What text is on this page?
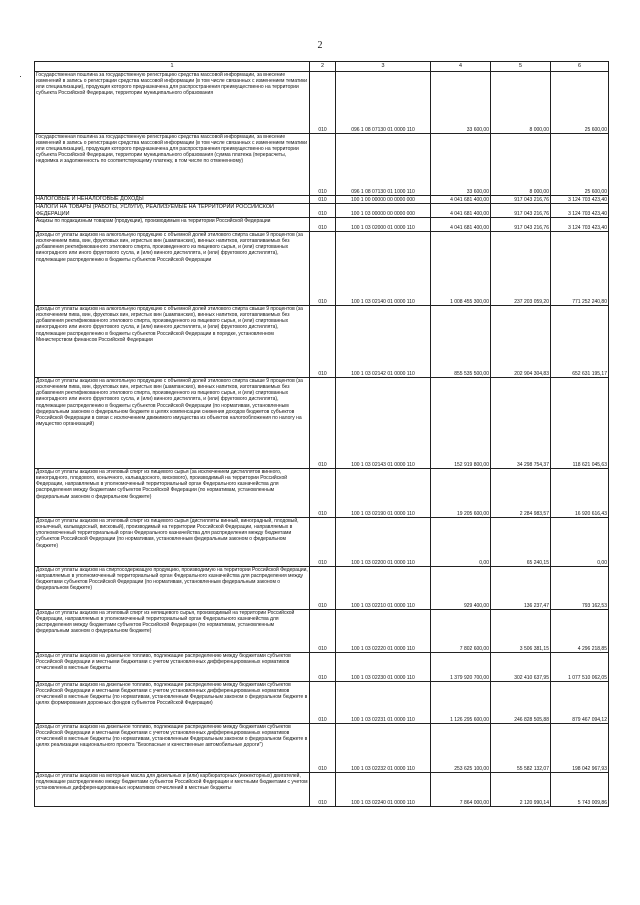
2
1	2	3	4	5	6
Государственная пошлина за государственную регистрацию средства массовой информации, за внесение изменений в запись о регистрации средства массовой информации (в том числе связанных с изменением тематики или специализации), продукция которого предназначена для распространения преимущественно на территории субъекта Российской Федерации, территории муниципального образования	010	096 1 08 07130 01 0000 110	33 600,00	8 000,00	25 600,00
Государственная пошлина за государственную регистрацию средства массовой информации, за внесение изменений в запись о регистрации средства массовой информации (в том числе связанных с изменением тематики или специализации), продукция которого предназначена для распространения преимущественно на территории субъекта Российской Федерации, территории муниципального образования (сумма платежа (перерасчеты, недоимка и задолженность по соответствующему платежу, в том числе по отмененному)	010	096 1 08 07130 01 1000 110	33 600,00	8 000,00	25 600,00
НАЛОГОВЫЕ И НЕНАЛОГОВЫЕ ДОХОДЫ	010	100 1 00 00000 00 0000 000	4 041 681 400,00	917 043 216,76	3 124 703 423,40
НАЛОГИ НА ТОВАРЫ (РАБОТЫ, УСЛУГИ), РЕАЛИЗУЕМЫЕ НА ТЕРРИТОРИИ РОССИЙСКОЙ ФЕДЕРАЦИИ	010	100 1 03 00000 00 0000 000	4 041 681 400,00	917 043 216,76	3 124 703 423,40
Акцизы по подакцизным товарам (продукции), производимым на территории Российской Федерации	010	100 1 03 02000 01 0000 110	4 041 681 400,00	917 043 216,76	3 124 703 423,40
Доходы от уплаты акцизов на алкогольную продукцию с объемной долей этилового спирта свыше 9 процентов (за исключением пива, вин, фруктовых вин, игристых вин (шампанских), винных напитков, изготавливаемых без добавления ректификованного этилового спирта, произведенного из пищевого сырья, и (или) спиртованных виноградного или иного фруктового сусла, и (или) винного дистиллята, и (или) фруктового дистиллята), подлежащие распределению в бюджеты субъектов Российской Федерации	010	100 1 03 02140 01 0000 110	1 008 455 300,00	237 203 059,20	771 252 240,80
Доходы от уплаты акцизов на алкогольную продукцию с объемной долей этилового спирта свыше 9 процентов (за исключением пива, вин, фруктовых вин, игристых вин (шампанских), винных напитков, изготавливаемых без добавления ректификованного этилового спирта, произведенного из пищевого сырья, и (или) спиртованных виноградного или иного фруктового сусла, и (или) винного дистиллята, и (или) фруктового дистиллята), подлежащие распределению в бюджеты субъектов Российской Федерации в порядке, установленном Министерством финансов Российской Федерации	010	100 1 03 02142 01 0000 110	855 535 500,00	202 904 304,83	652 631 195,17
Доходы от уплаты акцизов на алкогольную продукцию с объемной долей этилового спирта свыше 9 процентов (за исключением пива, вин, фруктовых вин, игристых вин (шампанских), винных напитков, изготавливаемых без добавления ректификованного этилового спирта, произведенного из пищевого сырья, и (или) спиртованных виноградного или иного фруктового сусла, и (или) винного дистиллята, и (или) фруктового дистиллята), подлежащие распределению в бюджеты субъектов Российской Федерации (по нормативам, установленным федеральным законом о федеральном бюджете в целях компенсации снижения доходов бюджетов субъектов Российской Федерации в связи с исключением движимого имущества из объектов налогообложения по налогу на имущество организаций)	010	100 1 03 02143 01 0000 110	152 919 800,00	34 298 754,37	118 621 045,63
Доходы от уплаты акцизов на этиловый спирт из пищевого сырья (за исключением дистиллятов винного, виноградного, плодового, коньячного, кальвадосного, вискового), производимый на территории Российской Федерации, направляемых в уполномоченный территориальный орган Федерального казначейства для распределения между бюджетами субъектов Российской Федерации (по нормативам, установленным федеральным законом о федеральном бюджете)	010	100 1 03 02190 01 0000 110	19 205 600,00	2 284 983,57	16 920 616,43
Доходы от уплаты акцизов на этиловый спирт из пищевого сырья (дистилляты винный, виноградный, плодовый, коньячный, кальвадосный, висковый), производимый на территории Российской Федерации, направляемых в уполномоченный территориальный орган Федерального казначейства для распределения между бюджетами субъектов Российской Федерации (по нормативам, установленным федеральным законом о федеральном бюджете)	010	100 1 03 02200 01 0000 110	0,00	65 240,15	0,00
Доходы от уплаты акцизов на спиртосодержащую продукцию, производимую на территории Российской Федерации, направляемых в уполномоченный территориальный орган Федерального казначейства для распределения между бюджетами субъектов Российской Федерации (по нормативам, установленным федеральным законом о федеральном бюджете)	010	100 1 03 02210 01 0000 110	929 400,00	136 237,47	793 162,53
Доходы от уплаты акцизов на этиловый спирт из непищевого сырья, производимый на территории Российской Федерации, направляемых в уполномоченный территориальный орган Федерального казначейства для распределения между бюджетами субъектов Российской Федерации (по нормативам, установленным федеральным законом о федеральном бюджете)	010	100 1 03 02220 01 0000 110	7 802 600,00	3 506 381,15	4 296 218,85
Доходы от уплаты акцизов на дизельное топливо, подлежащие распределению между бюджетами субъектов Российской Федерации и местными бюджетами с учетом установленных дифференцированных нормативов отчислений в местные бюджеты	010	100 1 03 02230 01 0000 110	1 379 920 700,00	302 410 637,95	1 077 510 062,05
Доходы от уплаты акцизов на дизельное топливо, подлежащие распределению между бюджетами субъектов Российской Федерации и местными бюджетами с учетом установленных дифференцированных нормативов отчислений в местные бюджеты (по нормативам, установленным Федеральным законом о федеральном бюджете в целях формирования дорожных фондов субъектов Российской Федерации)	010	100 1 03 02231 01 0000 110	1 126 295 600,00	246 828 505,88	879 467 094,12
Доходы от уплаты акцизов на дизельное топливо, подлежащие распределению между бюджетами субъектов Российской Федерации и местными бюджетами с учетом установленных дифференцированных нормативов отчислений в местные бюджеты (по нормативам, установленным Федеральным законом о федеральном бюджете в целях реализации национального проекта "Безопасные и качественные автомобильные дороги")	010	100 1 03 02232 01 0000 110	253 625 100,00	55 582 132,07	198 042 967,93
Доходы от уплаты акцизов на моторные масла для дизельных и (или) карбюраторных (инжекторных) двигателей, подлежащие распределению между бюджетами субъектов Российской Федерации и местными бюджетами с учетом установленных дифференцированных нормативов отчислений в местные бюджеты	010	100 1 03 02240 01 0000 110	7 864 000,00	2 120 990,14	5 743 009,86
